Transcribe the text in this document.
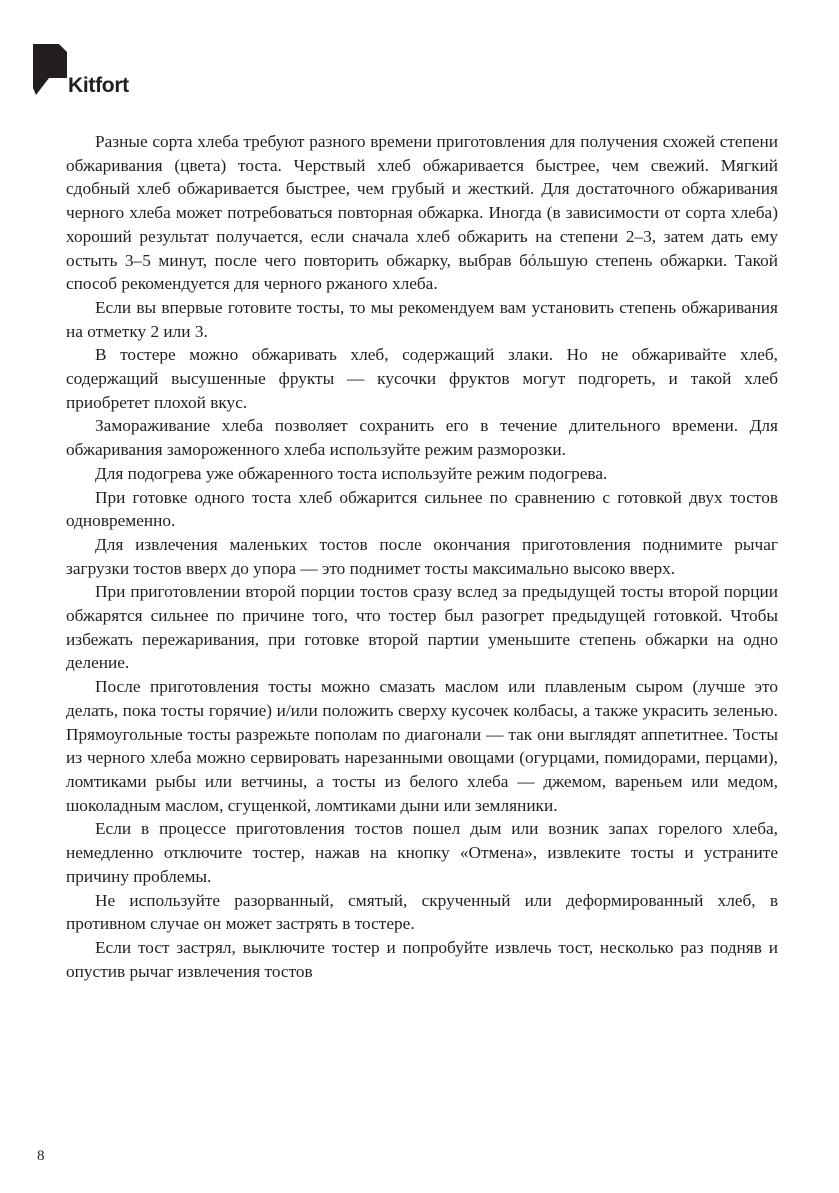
Kitfort

Разные сорта хлеба требуют разного времени приготовления для получения схожей степени обжаривания (цвета) тоста. Черствый хлеб обжаривается быстрее, чем свежий. Мягкий сдобный хлеб обжаривается быстрее, чем грубый и жесткий. Для достаточного обжаривания черного хлеба может потребоваться повторная обжарка. Иногда (в зависимости от сорта хлеба) хороший результат получается, если сначала хлеб обжарить на степени 2–3, затем дать ему остыть 3–5 минут, после чего повторить обжарку, выбрав бóльшую степень обжарки. Такой способ рекомендуется для черного ржаного хлеба.

Если вы впервые готовите тосты, то мы рекомендуем вам установить степень обжаривания на отметку 2 или 3.

В тостере можно обжаривать хлеб, содержащий злаки. Но не обжаривайте хлеб, содержащий высушенные фрукты — кусочки фруктов могут подгореть, и такой хлеб приобретет плохой вкус.

Замораживание хлеба позволяет сохранить его в течение длительного времени. Для обжаривания замороженного хлеба используйте режим разморозки.

Для подогрева уже обжаренного тоста используйте режим подогрева.

При готовке одного тоста хлеб обжарится сильнее по сравнению с готовкой двух тостов одновременно.

Для извлечения маленьких тостов после окончания приготовления поднимите рычаг загрузки тостов вверх до упора — это поднимет тосты максимально высоко вверх.

При приготовлении второй порции тостов сразу вслед за предыдущей тосты второй порции обжарятся сильнее по причине того, что тостер был разогрет предыдущей готовкой. Чтобы избежать пережаривания, при готовке второй партии уменьшите степень обжарки на одно деление.

После приготовления тосты можно смазать маслом или плавленым сыром (лучше это делать, пока тосты горячие) и/или положить сверху кусочек колбасы, а также украсить зеленью. Прямоугольные тосты разрежьте пополам по диагонали — так они выглядят аппетитнее. Тосты из черного хлеба можно сервировать нарезанными овощами (огурцами, помидорами, перцами), ломтиками рыбы или ветчины, а тосты из белого хлеба — джемом, вареньем или медом, шоколадным маслом, сгущенкой, ломтиками дыни или земляники.

Если в процессе приготовления тостов пошел дым или возник запах горелого хлеба, немедленно отключите тостер, нажав на кнопку «Отмена», извлеките тосты и устраните причину проблемы.

Не используйте разорванный, смятый, скрученный или деформированный хлеб, в противном случае он может застрять в тостере.

Если тост застрял, выключите тостер и попробуйте извлечь тост, несколько раз подняв и опустив рычаг извлечения тостов

8
